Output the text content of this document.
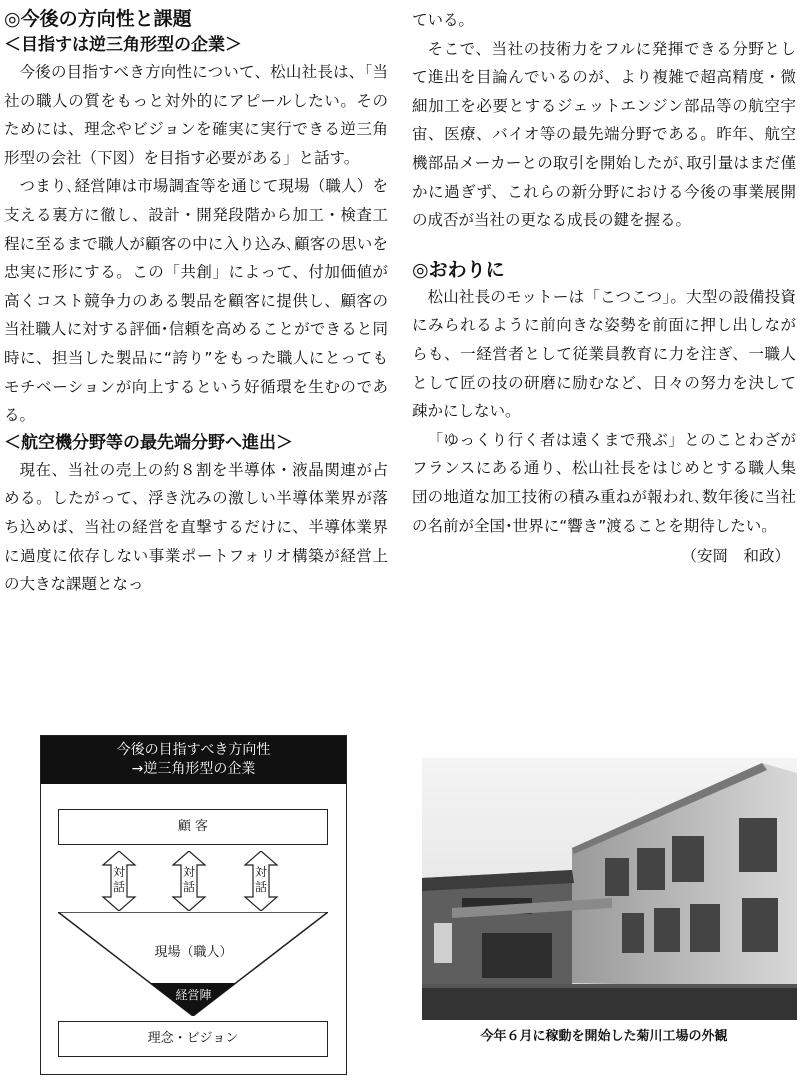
◎今後の方向性と課題

＜目指すは逆三角形型の企業＞

今後の目指すべき方向性について、松山社長は、「当社の職人の質をもっと対外的にアピールしたい。そのためには、理念やビジョンを確実に実行できる逆三角形型の会社（下図）を目指す必要がある」と話す。

つまり､経営陣は市場調査等を通じて現場（職人）を支える裏方に徹し、設計・開発段階から加工・検査工程に至るまで職人が顧客の中に入り込み､顧客の思いを忠実に形にする。この「共創」によって、付加価値が高くコスト競争力のある製品を顧客に提供し、顧客の当社職人に対する評価･信頼を高めることができると同時に、担当した製品に“誇り”をもった職人にとってもモチベーションが向上するという好循環を生むのである。

＜航空機分野等の最先端分野へ進出＞

現在、当社の売上の約８割を半導体・液晶関連が占める。したがって、浮き沈みの激しい半導体業界が落ち込めば、当社の経営を直撃するだけに、半導体業界に過度に依存しない事業ポートフォリオ構築が経営上の大きな課題となっ

ている。

そこで、当社の技術力をフルに発揮できる分野として進出を目論んでいるのが、より複雑で超高精度・微細加工を必要とするジェットエンジン部品等の航空宇宙、医療、バイオ等の最先端分野である。昨年、航空機部品メーカーとの取引を開始したが､取引量はまだ僅かに過ぎず、これらの新分野における今後の事業展開の成否が当社の更なる成長の鍵を握る。

◎おわりに

松山社長のモットーは「こつこつ」。大型の設備投資にみられるように前向きな姿勢を前面に押し出しながらも、一経営者として従業員教育に力を注ぎ、一職人として匠の技の研磨に励むなど、日々の努力を決して疎かにしない。

「ゆっくり行く者は遠くまで飛ぶ」とのことわざがフランスにある通り、松山社長をはじめとする職人集団の地道な加工技術の積み重ねが報われ､数年後に当社の名前が全国･世界に“響き”渡ることを期待したい。

（安岡　和政）

今後の目指すべき方向性
→逆三角形型の企業
顧 客
対話
対話
対話
現場（職人）
経営陣
理念・ビジョン	今年６月に稼動を開始した菊川工場の外観
